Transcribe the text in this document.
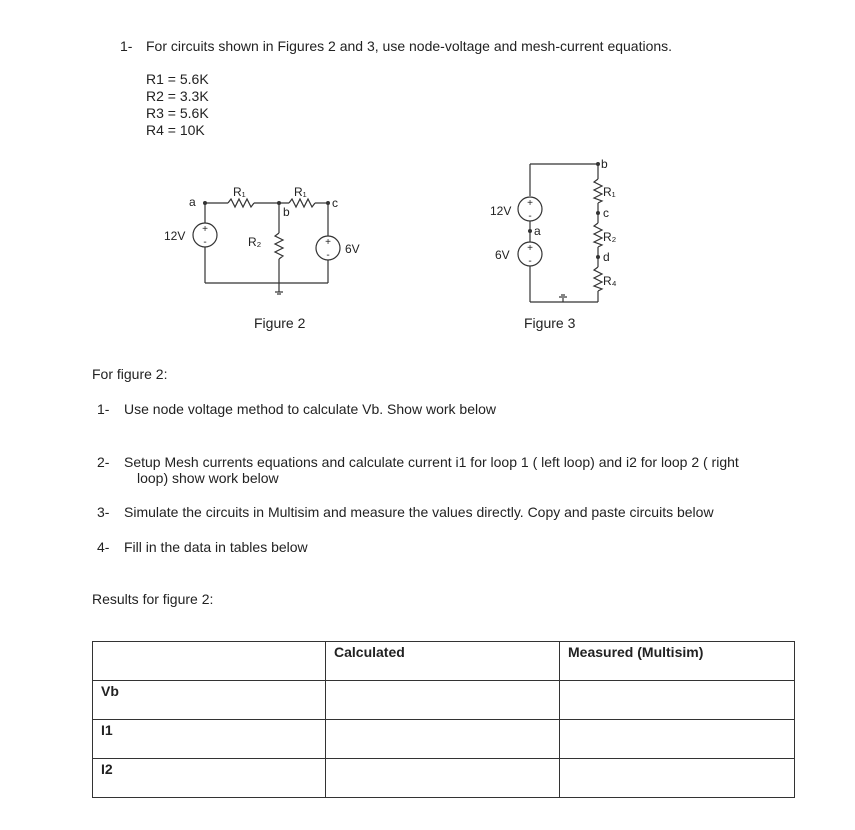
1- For circuits shown in Figures 2 and 3, use node-voltage and mesh-current equations.
R1 = 5.6K
R2 = 3.3K
R3 = 5.6K
R4 = 10K
+
-	+
-
+
-
+
-
a
R₁	R₁
b
c
R₂
12V
6V
b
R₁
c
R₂
d
R₄
a
12V
6V
Figure 2	Figure 3
For figure 2:
1- Use node voltage method to calculate Vb. Show work below
2- Setup Mesh currents equations and calculate current i1 for loop 1 ( left loop) and i2 for loop 2 ( right
loop) show work below
3- Simulate the circuits in Multisim and measure the values directly. Copy and paste circuits below
4- Fill in the data in tables below
Results for figure 2:
	Calculated	Measured (Multisim)
Vb		
I1		
I2		
